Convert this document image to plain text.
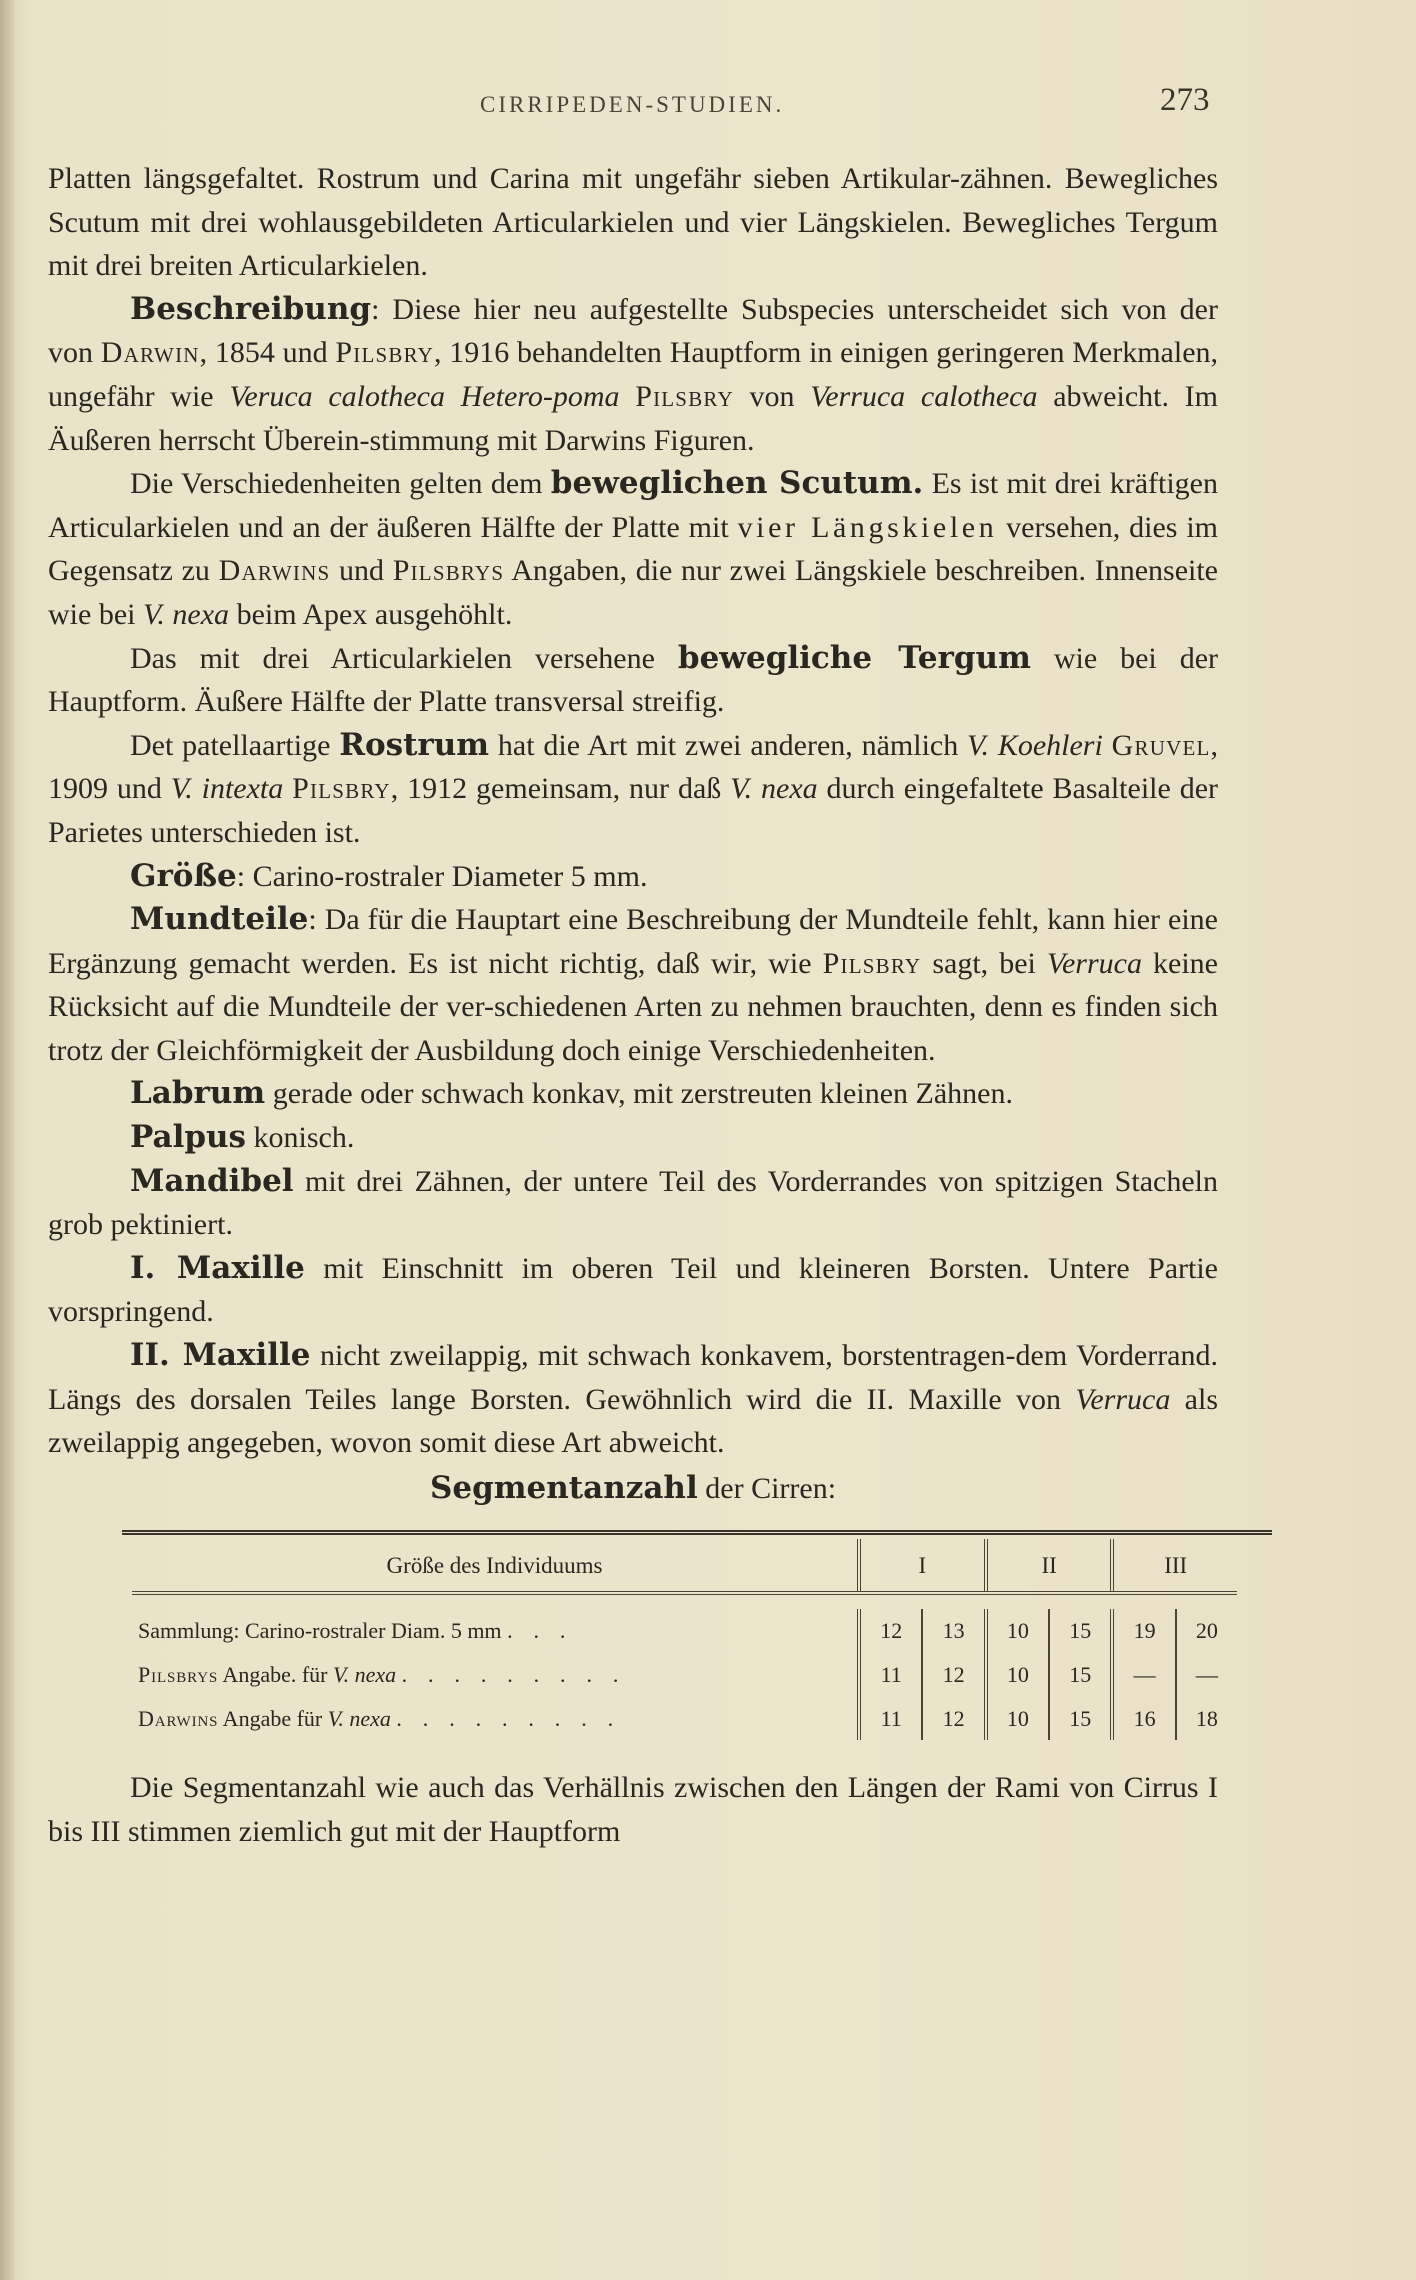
CIRRIPEDEN-STUDIEN.	273

Platten längsgefaltet. Rostrum und Carina mit ungefähr sieben Artikular-zähnen. Bewegliches Scutum mit drei wohlausgebildeten Articularkielen und vier Längskielen. Bewegliches Tergum mit drei breiten Articularkielen.

Beschreibung: Diese hier neu aufgestellte Subspecies unterscheidet sich von der von Darwin, 1854 und Pilsbry, 1916 behandelten Hauptform in einigen geringeren Merkmalen, ungefähr wie Veruca calotheca Hetero-poma Pilsbry von Verruca calotheca abweicht. Im Äußeren herrscht Überein-stimmung mit Darwins Figuren.

Die Verschiedenheiten gelten dem beweglichen Scutum. Es ist mit drei kräftigen Articularkielen und an der äußeren Hälfte der Platte mit vier Längskielen versehen, dies im Gegensatz zu Darwins und Pilsbrys Angaben, die nur zwei Längskiele beschreiben. Innenseite wie bei V. nexa beim Apex ausgehöhlt.

Das mit drei Articularkielen versehene bewegliche Tergum wie bei der Hauptform. Äußere Hälfte der Platte transversal streifig.

Det patellaartige Rostrum hat die Art mit zwei anderen, nämlich V. Koehleri Gruvel, 1909 und V. intexta Pilsbry, 1912 gemeinsam, nur daß V. nexa durch eingefaltete Basalteile der Parietes unterschieden ist.

Größe: Carino-rostraler Diameter 5 mm.

Mundteile: Da für die Hauptart eine Beschreibung der Mundteile fehlt, kann hier eine Ergänzung gemacht werden. Es ist nicht richtig, daß wir, wie Pilsbry sagt, bei Verruca keine Rücksicht auf die Mundteile der ver-schiedenen Arten zu nehmen brauchten, denn es finden sich trotz der Gleichförmigkeit der Ausbildung doch einige Verschiedenheiten.

Labrum gerade oder schwach konkav, mit zerstreuten kleinen Zähnen.

Palpus konisch.

Mandibel mit drei Zähnen, der untere Teil des Vorderrandes von spitzigen Stacheln grob pektiniert.

I. Maxille mit Einschnitt im oberen Teil und kleineren Borsten. Untere Partie vorspringend.

II. Maxille nicht zweilappig, mit schwach konkavem, borstentragen-dem Vorderrand. Längs des dorsalen Teiles lange Borsten. Gewöhnlich wird die II. Maxille von Verruca als zweilappig angegeben, wovon somit diese Art abweicht.

Segmentanzahl der Cirren:

Größe des Individuums	I		II		III	

Sammlung: Carino-rostraler Diam. 5 mm . . .	12	13	10	15	19	20
Pilsbrys Angabe. für V. nexa . . . . . . . . .	11	12	10	15	—	—
Darwins Angabe für V. nexa . . . . . . . . .	11	12	10	15	16	18

Die Segmentanzahl wie auch das Verhällnis zwischen den Längen der Rami von Cirrus I bis III stimmen ziemlich gut mit der Hauptform
